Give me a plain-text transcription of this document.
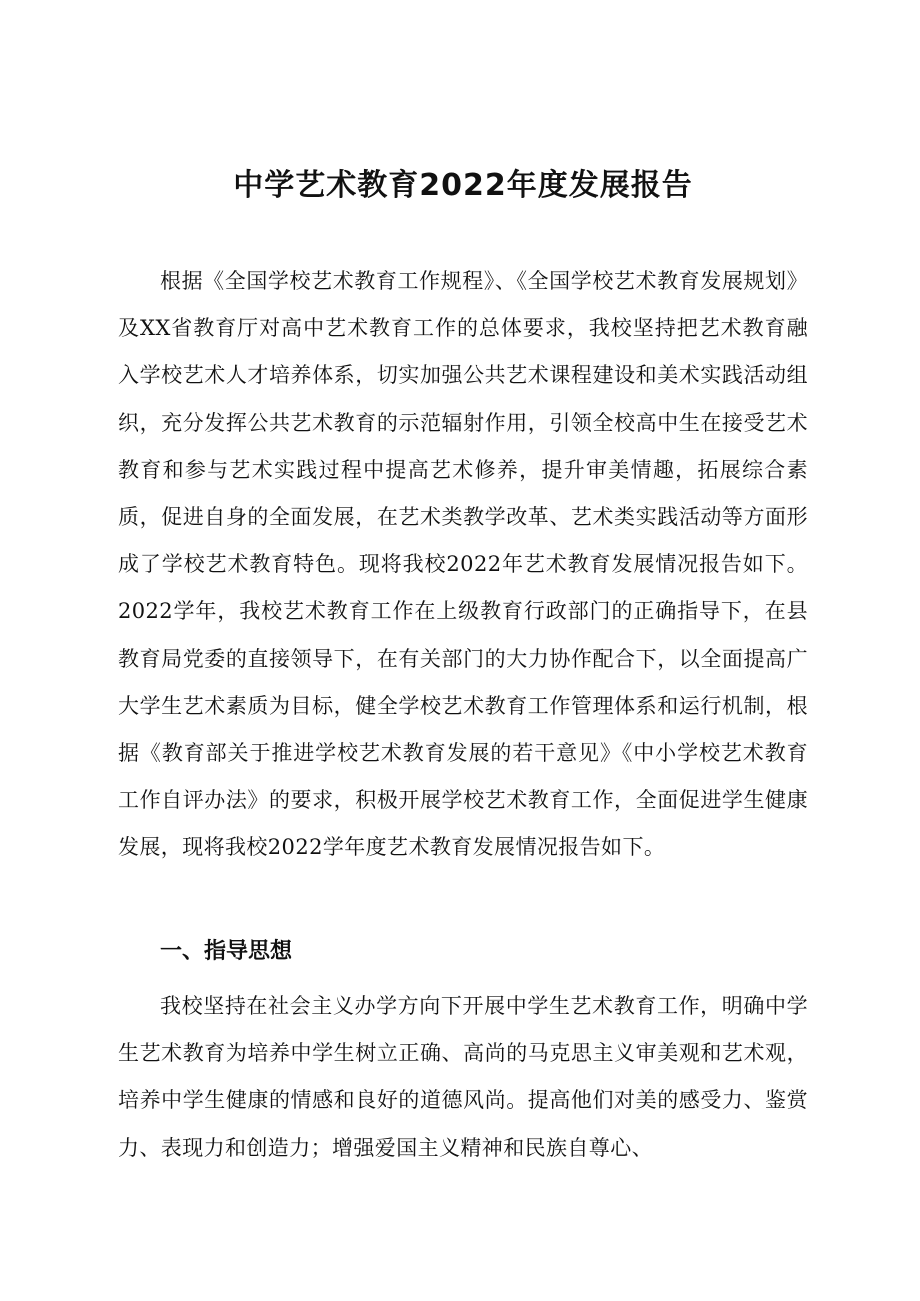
中学艺术教育2022年度发展报告

根据《全国学校艺术教育工作规程》、《全国学校艺术教育发展规划》及XX省教育厅对高中艺术教育工作的总体要求，我校坚持把艺术教育融入学校艺术人才培养体系，切实加强公共艺术课程建设和美术实践活动组织，充分发挥公共艺术教育的示范辐射作用，引领全校高中生在接受艺术教育和参与艺术实践过程中提高艺术修养，提升审美情趣，拓展综合素质，促进自身的全面发展，在艺术类教学改革、艺术类实践活动等方面形成了学校艺术教育特色。现将我校2022年艺术教育发展情况报告如下。2022学年，我校艺术教育工作在上级教育行政部门的正确指导下，在县教育局党委的直接领导下，在有关部门的大力协作配合下，以全面提高广大学生艺术素质为目标，健全学校艺术教育工作管理体系和运行机制，根据《教育部关于推进学校艺术教育发展的若干意见》《中小学校艺术教育工作自评办法》的要求，积极开展学校艺术教育工作，全面促进学生健康发展，现将我校2022学年度艺术教育发展情况报告如下。

一、指导思想

我校坚持在社会主义办学方向下开展中学生艺术教育工作，明确中学生艺术教育为培养中学生树立正确、高尚的马克思主义审美观和艺术观，培养中学生健康的情感和良好的道德风尚。提高他们对美的感受力、鉴赏力、表现力和创造力；增强爱国主义精神和民族自尊心、
